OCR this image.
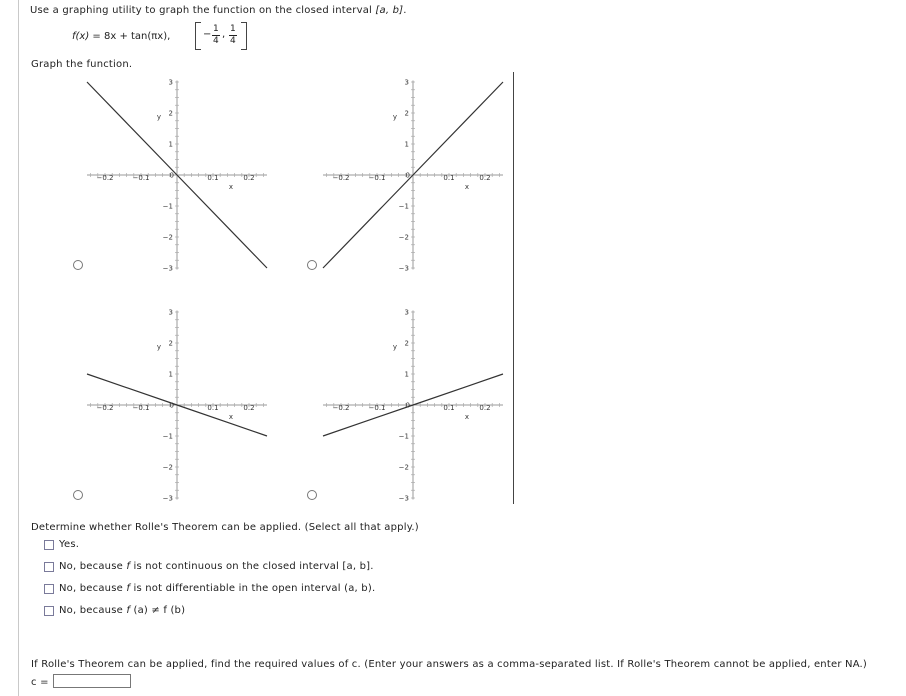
Use a graphing utility to graph the function on the closed interval [a, b].
f(x) = 8x + tan(πx),	− $\frac{1}{4}$ , $\frac{1}{4}$
Graph the function.
−0.2	−0.1	0.1	0.2
3
2
1
−1
−2
−3
0
x
y
−0.2	−0.1	0.1	0.2
3
2
1
−1
−2
−3
0
x
y
−0.2	−0.1	0.1	0.2
3
2
1
−1
−2
−3
0
x
y
−0.2	−0.1	0.1	0.2
3
2
1
−1
−2
−3
0
x
y
Determine whether Rolle's Theorem can be applied. (Select all that apply.)
Yes.
No, because f is not continuous on the closed interval [a, b].
No, because f is not differentiable in the open interval (a, b).
No, because f (a) ≠ f (b)
If Rolle's Theorem can be applied, find the required values of c. (Enter your answers as a comma-separated list. If Rolle's Theorem cannot be applied, enter NA.)
c =
